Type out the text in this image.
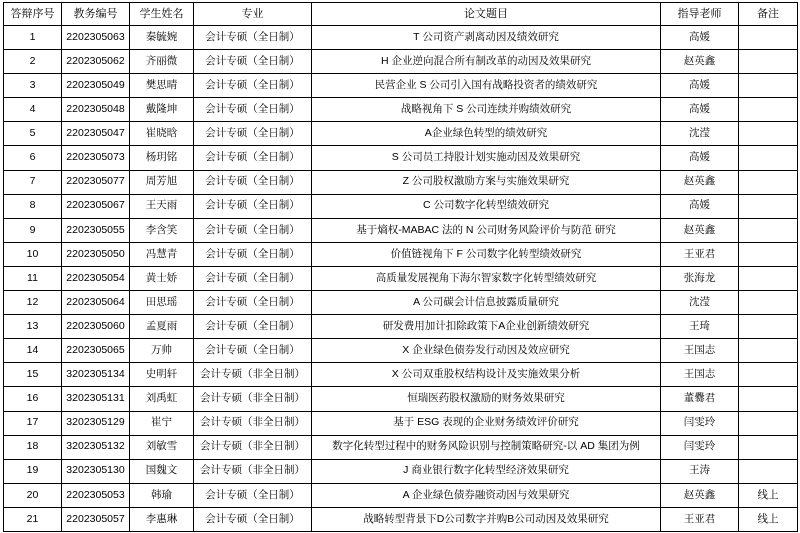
答辩序号	教务编号	学生姓名	专业	论文题目	指导老师	备注
1	2202305063	秦毓婉	会计专硕（全日制）	T 公司资产剥离动因及绩效研究	高媛	
2	2202305062	齐丽微	会计专硕（全日制）	H 企业逆向混合所有制改革的动因及效果研究	赵英鑫	
3	2202305049	樊思晴	会计专硕（全日制）	民营企业 S 公司引入国有战略投资者的绩效研究	高媛	
4	2202305048	戴隆坤	会计专硕（全日制）	战略视角下 S 公司连续并购绩效研究	高媛	
5	2202305047	崔晓晗	会计专硕（全日制）	A企业绿色转型的绩效研究	沈滢	
6	2202305073	杨玥铭	会计专硕（全日制）	S 公司员工持股计划实施动因及效果研究	高媛	
7	2202305077	周芳旭	会计专硕（全日制）	Z 公司股权激励方案与实施效果研究	赵英鑫	
8	2202305067	王天雨	会计专硕（全日制）	C 公司数字化转型绩效研究	高媛	
9	2202305055	李含笑	会计专硕（全日制）	基于熵权-MABAC 法的 N 公司财务风险评价与防范 研究	赵英鑫	
10	2202305050	冯慧青	会计专硕（全日制）	价值链视角下 F 公司数字化转型绩效研究	王亚君	
11	2202305054	黄士娇	会计专硕（全日制）	高质量发展视角下海尔智家数字化转型绩效研究	张海龙	
12	2202305064	田思瑶	会计专硕（全日制）	A 公司碳会计信息披露质量研究	沈滢	
13	2202305060	孟夏雨	会计专硕（全日制）	研发费用加计扣除政策下A企业创新绩效研究	王琦	
14	2202305065	万帅	会计专硕（全日制）	X 企业绿色债券发行动因及效应研究	王国志	
15	3202305134	史明轩	会计专硕（非全日制）	X 公司双重股权结构设计及实施效果分析	王国志	
16	3202305131	刘禹虹	会计专硕（非全日制）	恒瑞医药股权激励的财务效果研究	董爨君	
17	3202305129	崔宁	会计专硕（非全日制）	基于 ESG 表现的企业财务绩效评价研究	闫雯玲	
18	3202305132	刘敏雪	会计专硕（非全日制）	数字化转型过程中的财务风险识别与控制策略研究-以 AD 集团为例	闫雯玲	
19	3202305130	国魏文	会计专硕（非全日制）	J 商业银行数字化转型经济效果研究	王涛	
20	2202305053	韩瑜	会计专硕（全日制）	A 企业绿色债券融资动因与效果研究	赵英鑫	线上
21	2202305057	李惠琳	会计专硕（全日制）	战略转型背景下D公司数字并购B公司动因及效果研究	王亚君	线上
